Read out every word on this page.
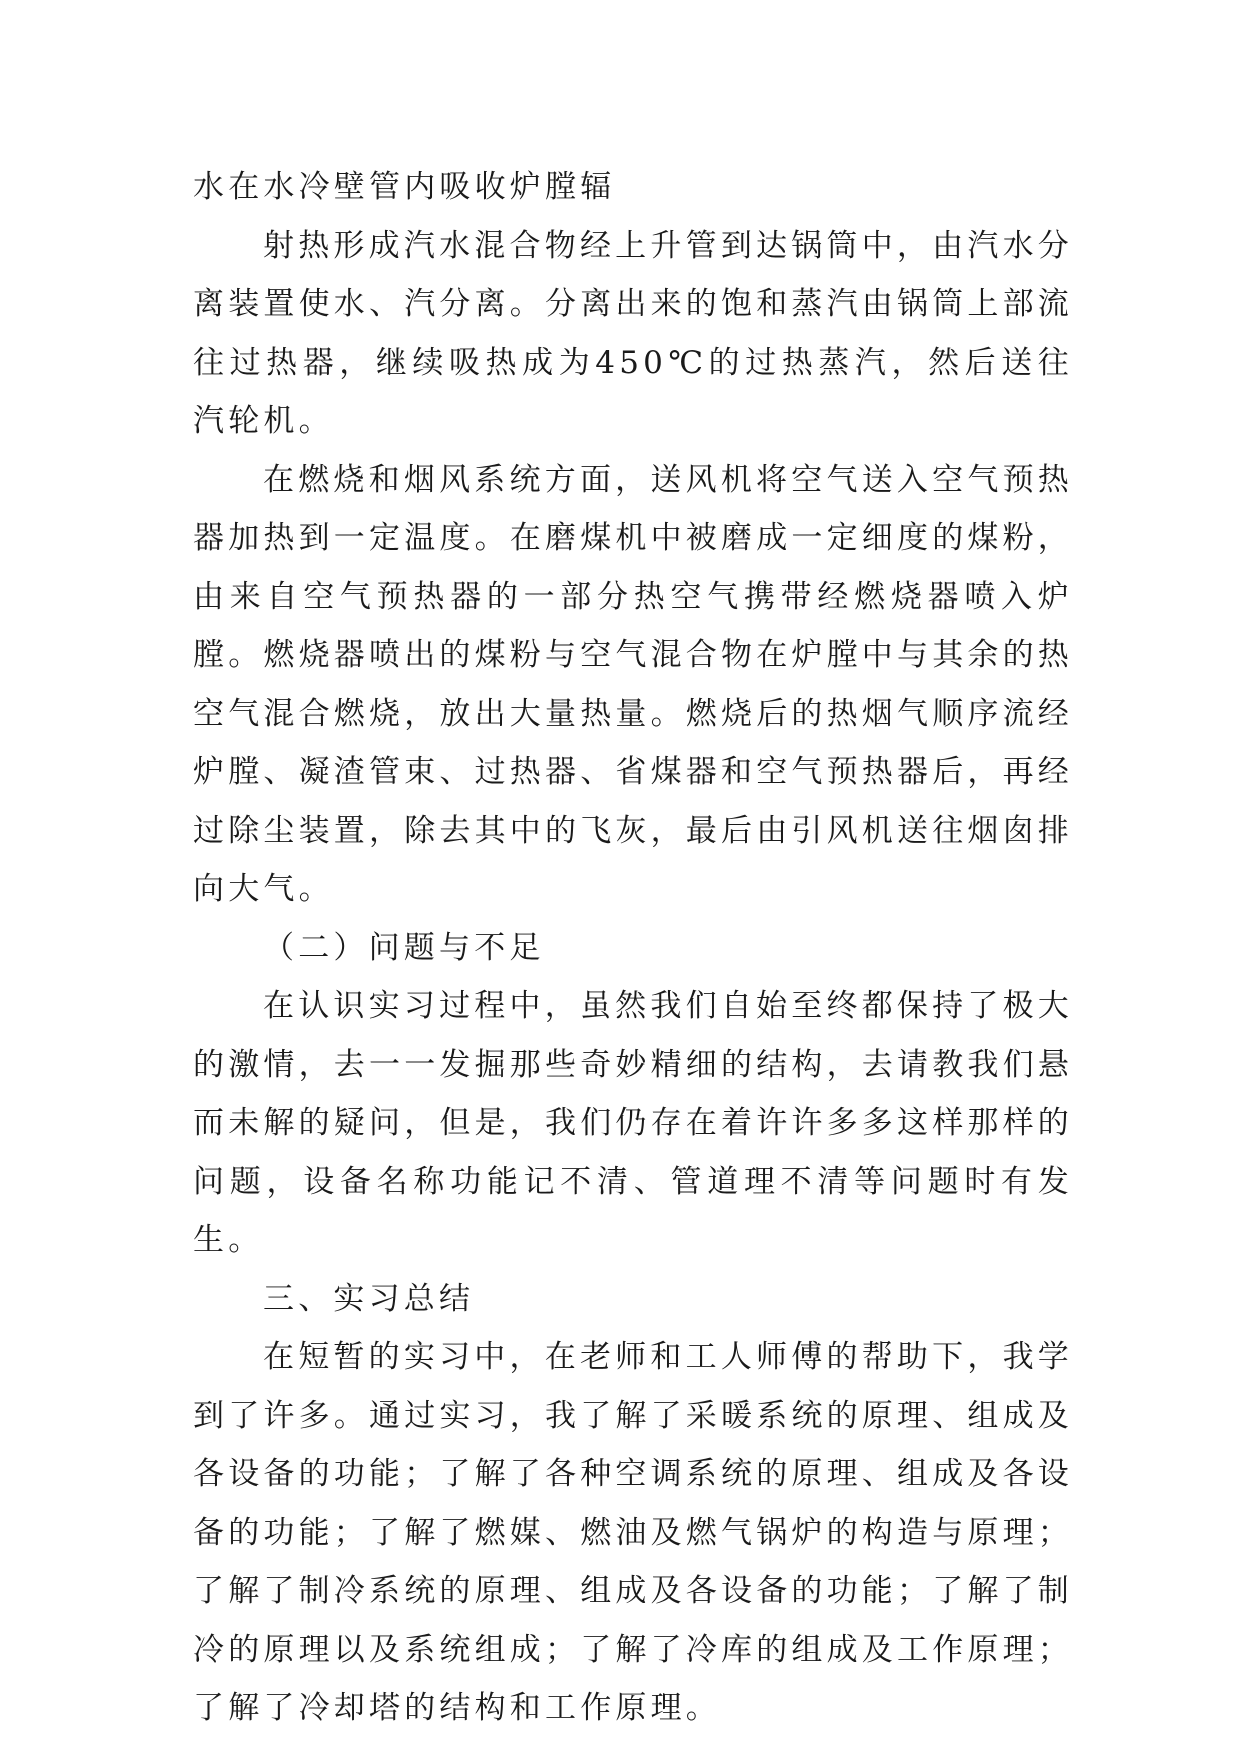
水在水冷壁管内吸收炉膛辐

射热形成汽水混合物经上升管到达锅筒中，由汽水分离装置使水、汽分离。分离出来的饱和蒸汽由锅筒上部流往过热器，继续吸热成为450℃的过热蒸汽，然后送往汽轮机。

在燃烧和烟风系统方面，送风机将空气送入空气预热器加热到一定温度。在磨煤机中被磨成一定细度的煤粉，由来自空气预热器的一部分热空气携带经燃烧器喷入炉膛。燃烧器喷出的煤粉与空气混合物在炉膛中与其余的热空气混合燃烧，放出大量热量。燃烧后的热烟气顺序流经炉膛、凝渣管束、过热器、省煤器和空气预热器后，再经过除尘装置，除去其中的飞灰，最后由引风机送往烟囱排向大气。

（二）问题与不足

在认识实习过程中，虽然我们自始至终都保持了极大的激情，去一一发掘那些奇妙精细的结构，去请教我们悬而未解的疑问，但是，我们仍存在着许许多多这样那样的问题，设备名称功能记不清、管道理不清等问题时有发生。

三、实习总结

在短暂的实习中，在老师和工人师傅的帮助下，我学到了许多。通过实习，我了解了采暖系统的原理、组成及各设备的功能；了解了各种空调系统的原理、组成及各设备的功能；了解了燃媒、燃油及燃气锅炉的构造与原理；了解了制冷系统的原理、组成及各设备的功能；了解了制冷的原理以及系统组成；了解了冷库的组成及工作原理；了解了冷却塔的结构和工作原理。
